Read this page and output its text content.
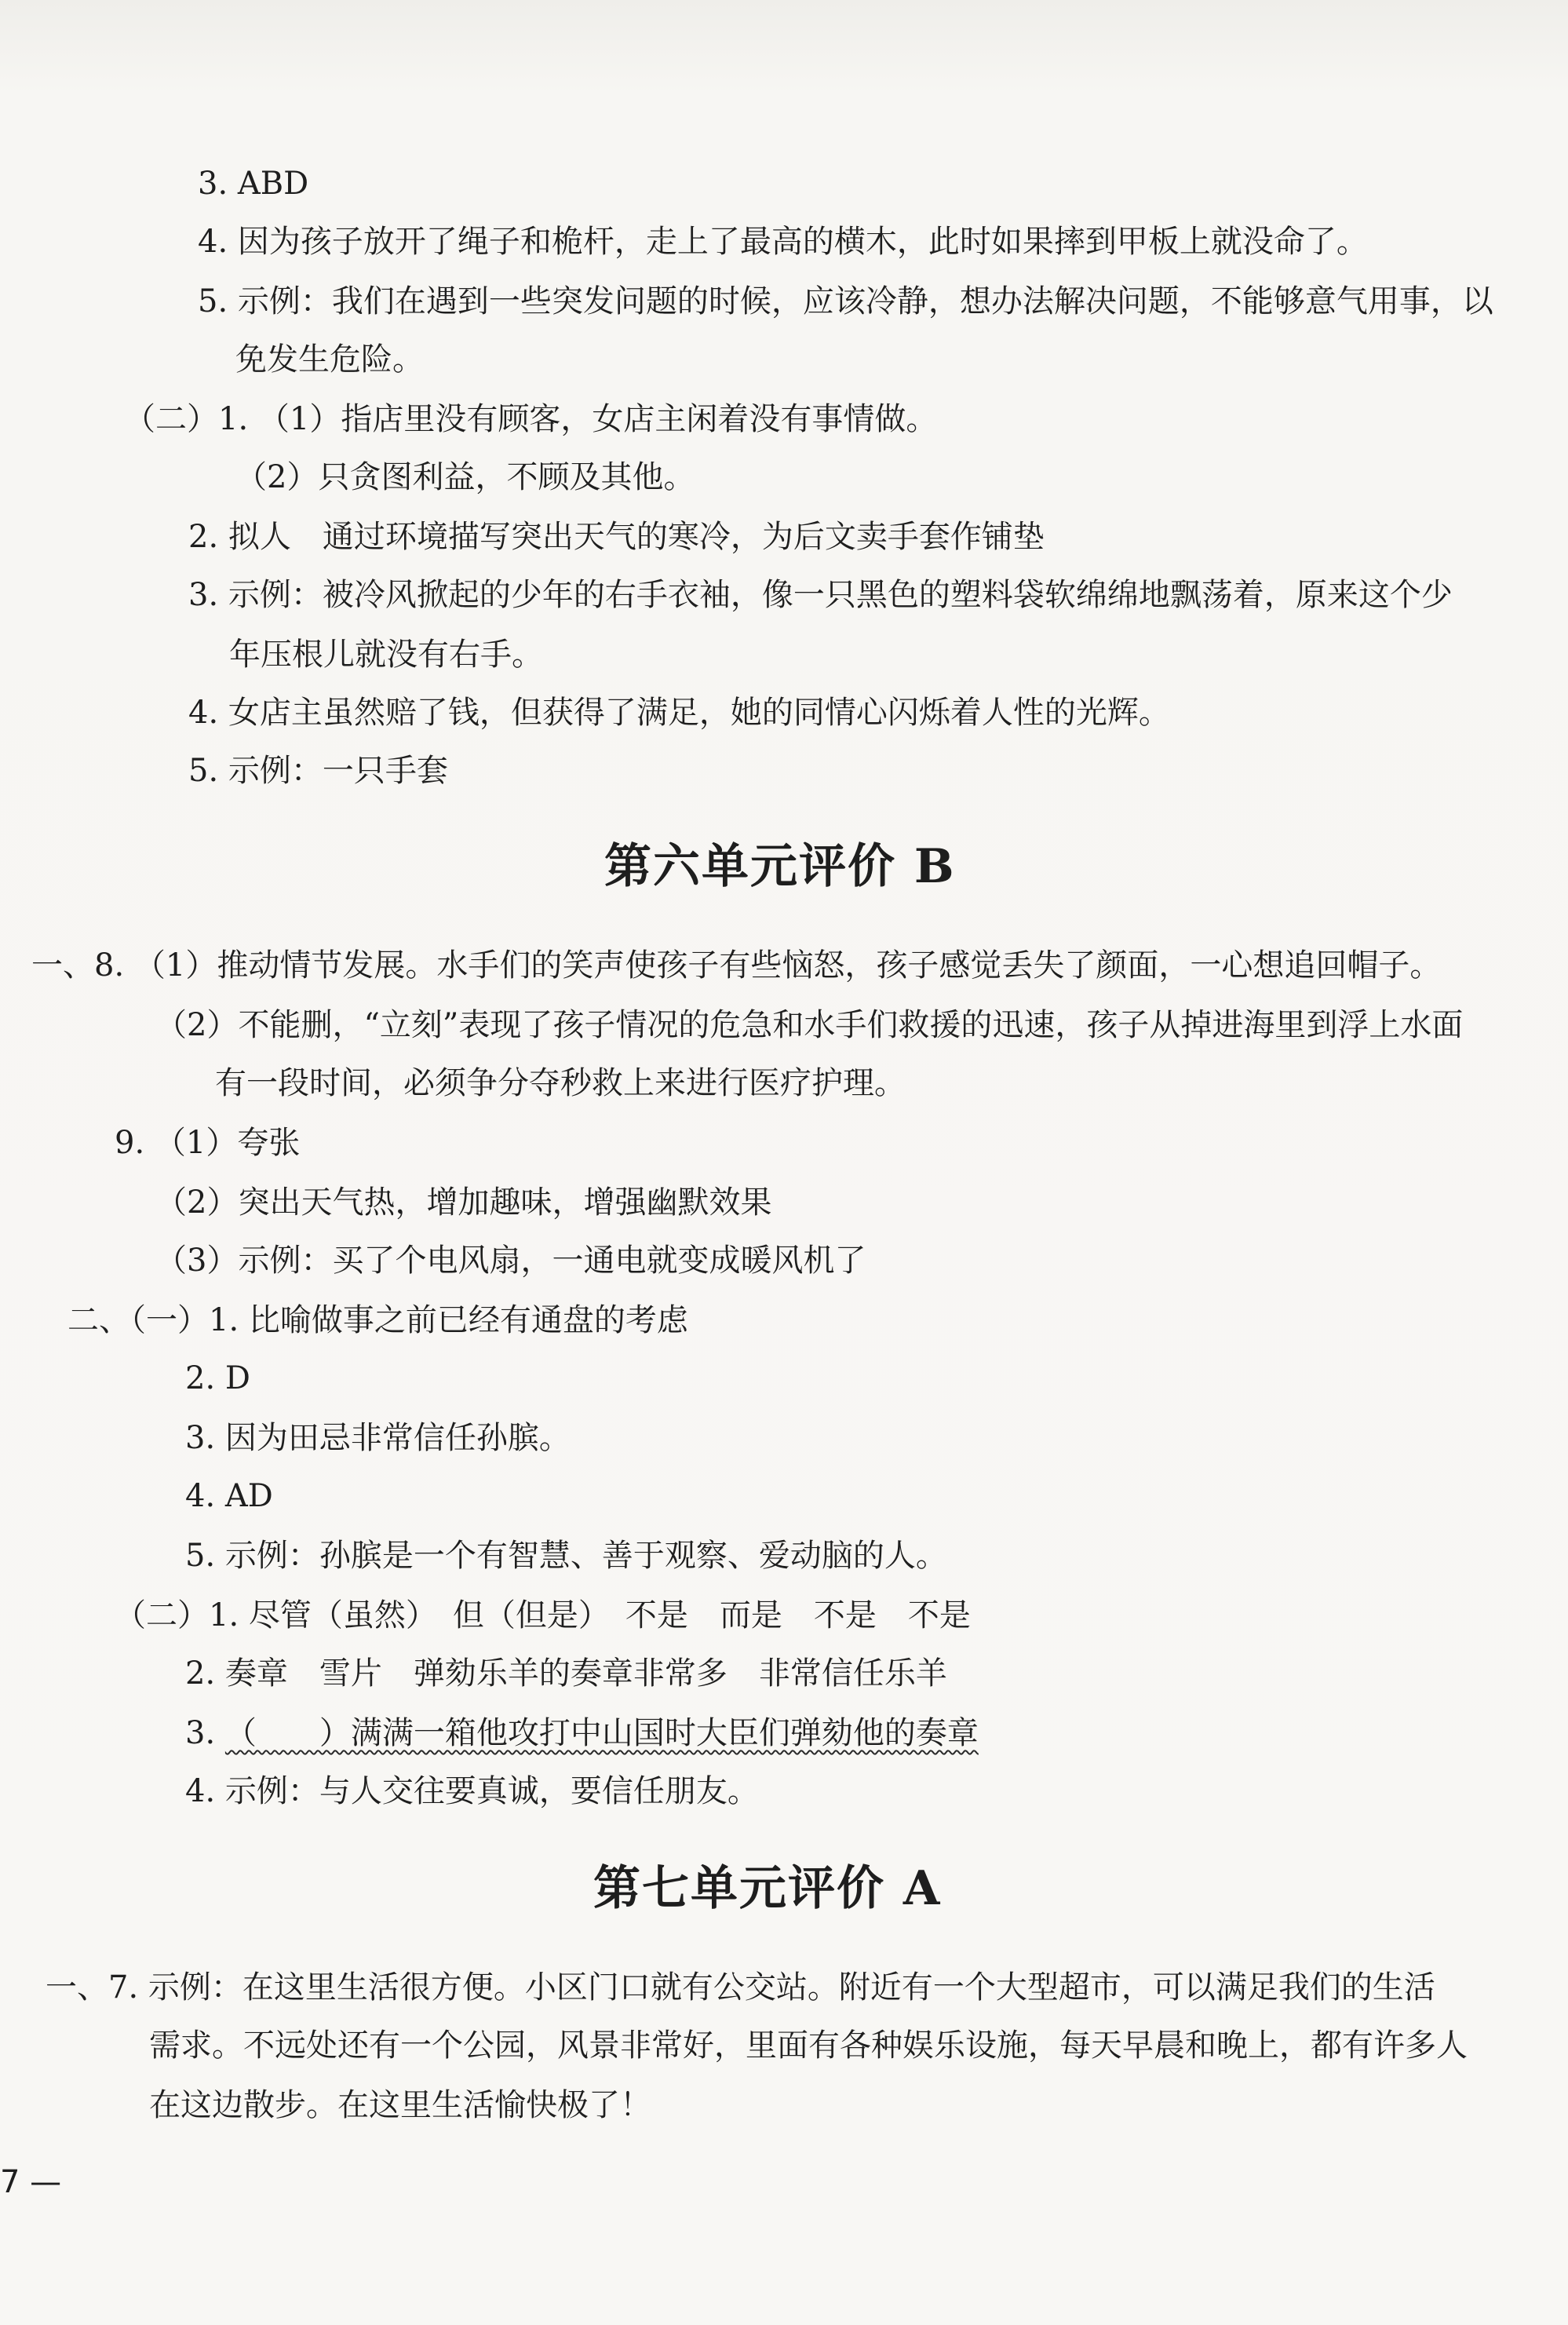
3. ABD
4. 因为孩子放开了绳子和桅杆，走上了最高的横木，此时如果摔到甲板上就没命了。
5. 示例：我们在遇到一些突发问题的时候，应该冷静，想办法解决问题，不能够意气用事，以
免发生危险。
（二）1. （1）指店里没有顾客，女店主闲着没有事情做。
（2）只贪图利益，不顾及其他。
2. 拟人　通过环境描写突出天气的寒冷，为后文卖手套作铺垫
3. 示例：被冷风掀起的少年的右手衣袖，像一只黑色的塑料袋软绵绵地飘荡着，原来这个少
年压根儿就没有右手。
4. 女店主虽然赔了钱，但获得了满足，她的同情心闪烁着人性的光辉。
5. 示例：一只手套
第六单元评价 B
一、8. （1）推动情节发展。水手们的笑声使孩子有些恼怒，孩子感觉丢失了颜面，一心想追回帽子。
（2）不能删，“立刻”表现了孩子情况的危急和水手们救援的迅速，孩子从掉进海里到浮上水面
有一段时间，必须争分夺秒救上来进行医疗护理。
9. （1）夸张
（2）突出天气热，增加趣味，增强幽默效果
（3）示例：买了个电风扇，一通电就变成暖风机了
二、（一）1. 比喻做事之前已经有通盘的考虑
2. D
3. 因为田忌非常信任孙膑。
4. AD
5. 示例：孙膑是一个有智慧、善于观察、爱动脑的人。
（二）1. 尽管（虽然）　但（但是）　不是　而是　不是　不是
2. 奏章　雪片　弹劾乐羊的奏章非常多　非常信任乐羊
3. （　　）满满一箱他攻打中山国时大臣们弹劾他的奏章
4. 示例：与人交往要真诚，要信任朋友。
第七单元评价 A
一、7. 示例：在这里生活很方便。小区门口就有公交站。附近有一个大型超市，可以满足我们的生活
需求。不远处还有一个公园，风景非常好，里面有各种娱乐设施，每天早晨和晚上，都有许多人
在这边散步。在这里生活愉快极了！
7 —
